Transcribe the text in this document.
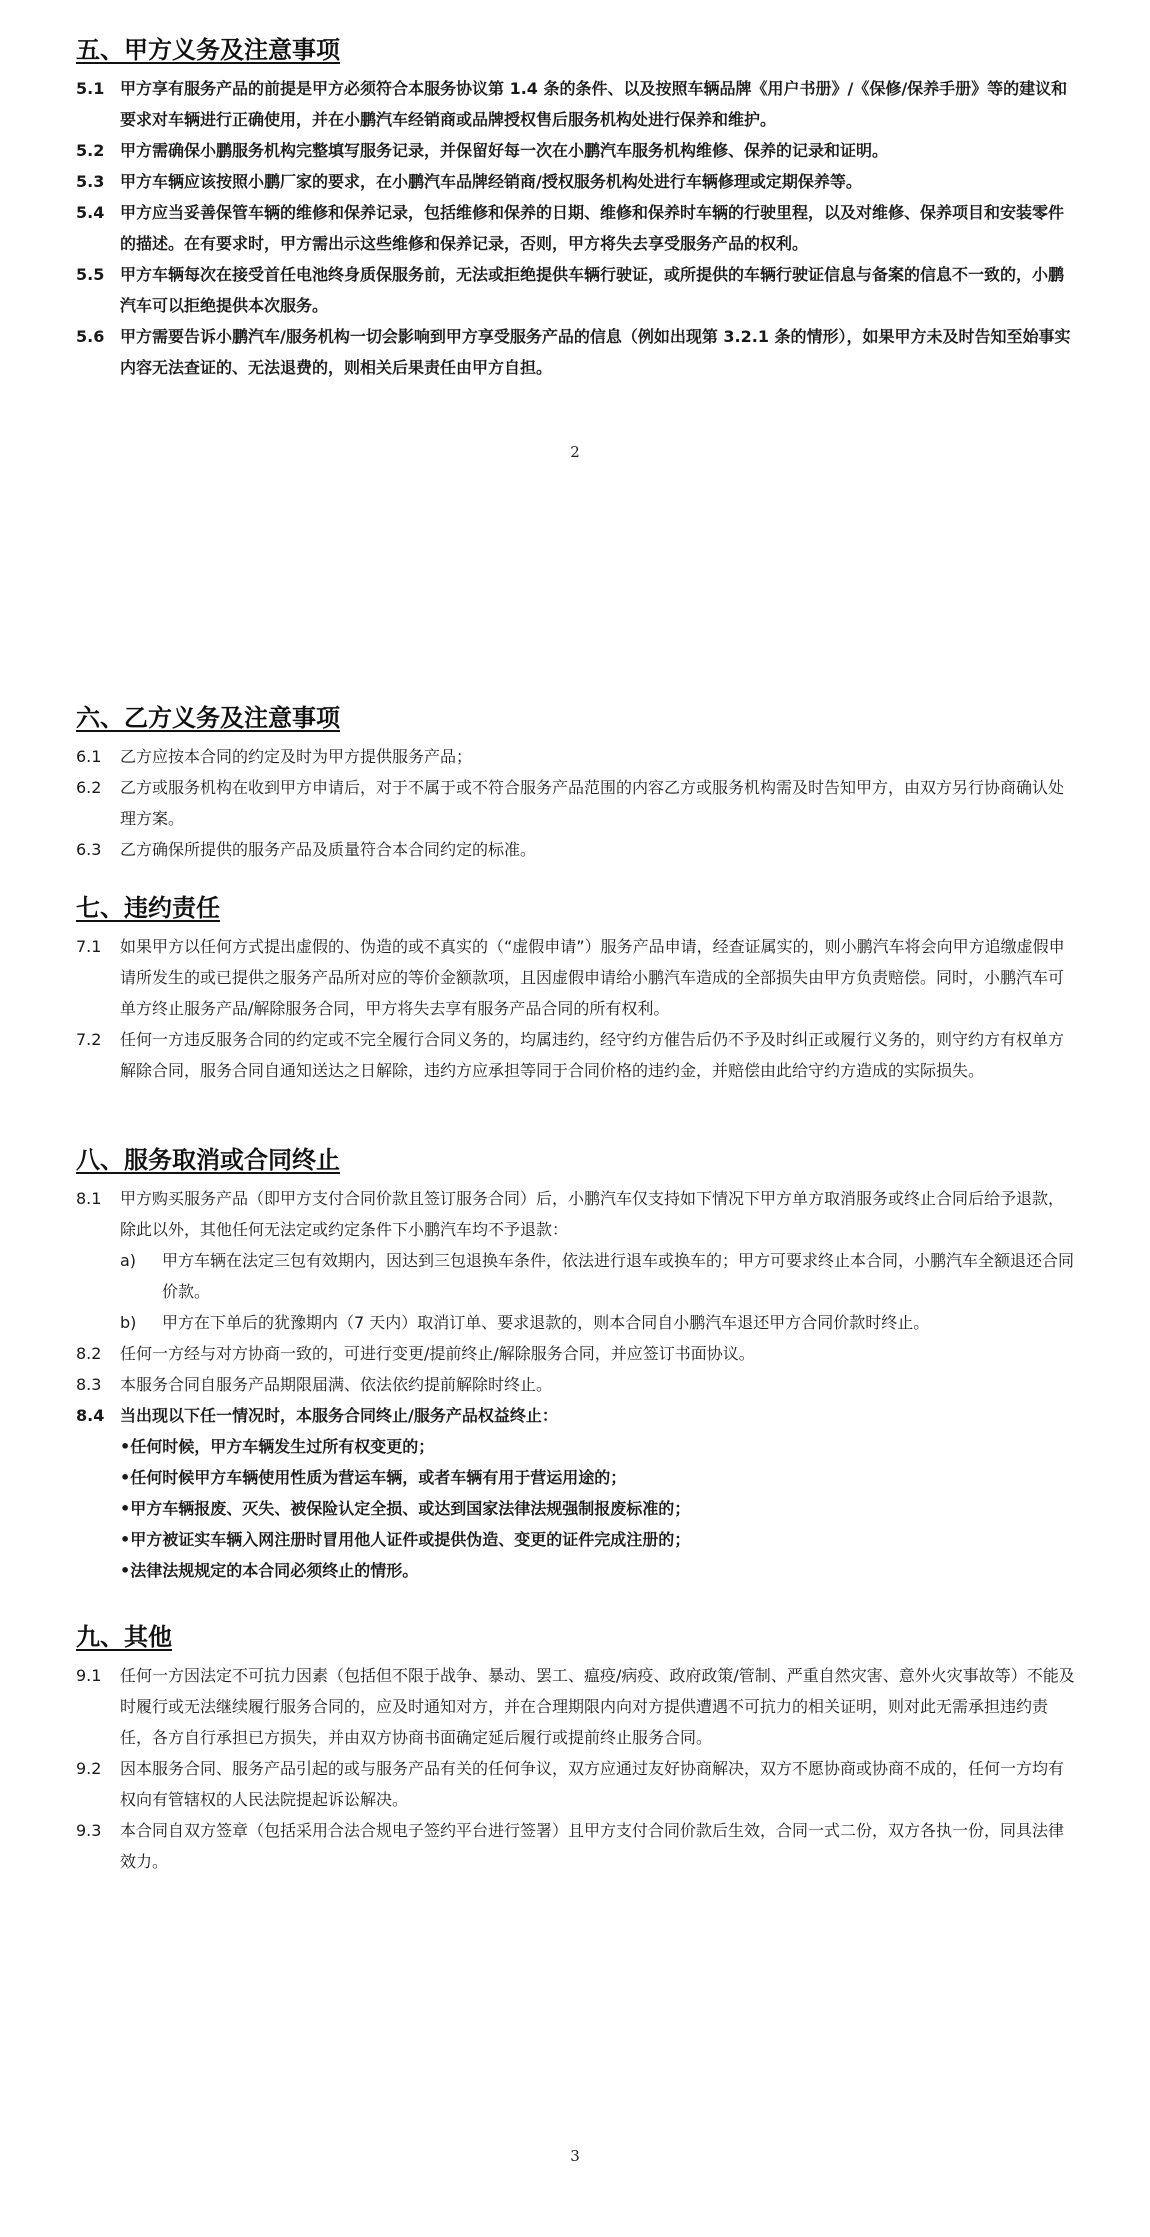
五、甲方义务及注意事项
5.1 甲方享有服务产品的前提是甲方必须符合本服务协议第 1.4 条的条件、以及按照车辆品牌《用户书册》/《保修/保养手册》等的建议和要求对车辆进行正确使用，并在小鹏汽车经销商或品牌授权售后服务机构处进行保养和维护。
5.2 甲方需确保小鹏服务机构完整填写服务记录，并保留好每一次在小鹏汽车服务机构维修、保养的记录和证明。
5.3 甲方车辆应该按照小鹏厂家的要求，在小鹏汽车品牌经销商/授权服务机构处进行车辆修理或定期保养等。
5.4 甲方应当妥善保管车辆的维修和保养记录，包括维修和保养的日期、维修和保养时车辆的行驶里程，以及对维修、保养项目和安装零件的描述。在有要求时，甲方需出示这些维修和保养记录，否则，甲方将失去享受服务产品的权利。
5.5 甲方车辆每次在接受首任电池终身质保服务前，无法或拒绝提供车辆行驶证，或所提供的车辆行驶证信息与备案的信息不一致的，小鹏汽车可以拒绝提供本次服务。
5.6 甲方需要告诉小鹏汽车/服务机构一切会影响到甲方享受服务产品的信息（例如出现第 3.2.1 条的情形），如果甲方未及时告知至始事实内容无法查证的、无法退费的，则相关后果责任由甲方自担。
2
六、乙方义务及注意事项
6.1	乙方应按本合同的约定及时为甲方提供服务产品；
6.2	乙方或服务机构在收到甲方申请后，对于不属于或不符合服务产品范围的内容乙方或服务机构需及时告知甲方，由双方另行协商确认处理方案。
6.3	乙方确保所提供的服务产品及质量符合本合同约定的标准。
七、违约责任
7.1	如果甲方以任何方式提出虚假的、伪造的或不真实的（“虚假申请”）服务产品申请，经查证属实的，则小鹏汽车将会向甲方追缴虚假申请所发生的或已提供之服务产品所对应的等价金额款项，且因虚假申请给小鹏汽车造成的全部损失由甲方负责赔偿。同时，小鹏汽车可单方终止服务产品/解除服务合同，甲方将失去享有服务产品合同的所有权利。
7.2	任何一方违反服务合同的约定或不完全履行合同义务的，均属违约，经守约方催告后仍不予及时纠正或履行义务的，则守约方有权单方解除合同，服务合同自通知送达之日解除，违约方应承担等同于合同价格的违约金，并赔偿由此给守约方造成的实际损失。
八、服务取消或合同终止
8.1	甲方购买服务产品（即甲方支付合同价款且签订服务合同）后，小鹏汽车仅支持如下情况下甲方单方取消服务或终止合同后给予退款，除此以外，其他任何无法定或约定条件下小鹏汽车均不予退款：
a)	甲方车辆在法定三包有效期内，因达到三包退换车条件，依法进行退车或换车的；甲方可要求终止本合同，小鹏汽车全额退还合同价款。
b)	甲方在下单后的犹豫期内（7 天内）取消订单、要求退款的，则本合同自小鹏汽车退还甲方合同价款时终止。
8.2	任何一方经与对方协商一致的，可进行变更/提前终止/解除服务合同，并应签订书面协议。
8.3	本服务合同自服务产品期限届满、依法依约提前解除时终止。
8.4 当出现以下任一情况时，本服务合同终止/服务产品权益终止：
•任何时候，甲方车辆发生过所有权变更的；
•任何时候甲方车辆使用性质为营运车辆，或者车辆有用于营运用途的；
•甲方车辆报废、灭失、被保险认定全损、或达到国家法律法规强制报废标准的；
•甲方被证实车辆入网注册时冒用他人证件或提供伪造、变更的证件完成注册的；
•法律法规规定的本合同必须终止的情形。
九、其他
9.1	任何一方因法定不可抗力因素（包括但不限于战争、暴动、罢工、瘟疫/病疫、政府政策/管制、严重自然灾害、意外火灾事故等）不能及时履行或无法继续履行服务合同的，应及时通知对方，并在合理期限内向对方提供遭遇不可抗力的相关证明，则对此无需承担违约责任，各方自行承担已方损失，并由双方协商书面确定延后履行或提前终止服务合同。
9.2	因本服务合同、服务产品引起的或与服务产品有关的任何争议，双方应通过友好协商解决，双方不愿协商或协商不成的，任何一方均有权向有管辖权的人民法院提起诉讼解决。
9.3	本合同自双方签章（包括采用合法合规电子签约平台进行签署）且甲方支付合同价款后生效，合同一式二份，双方各执一份，同具法律效力。
3
